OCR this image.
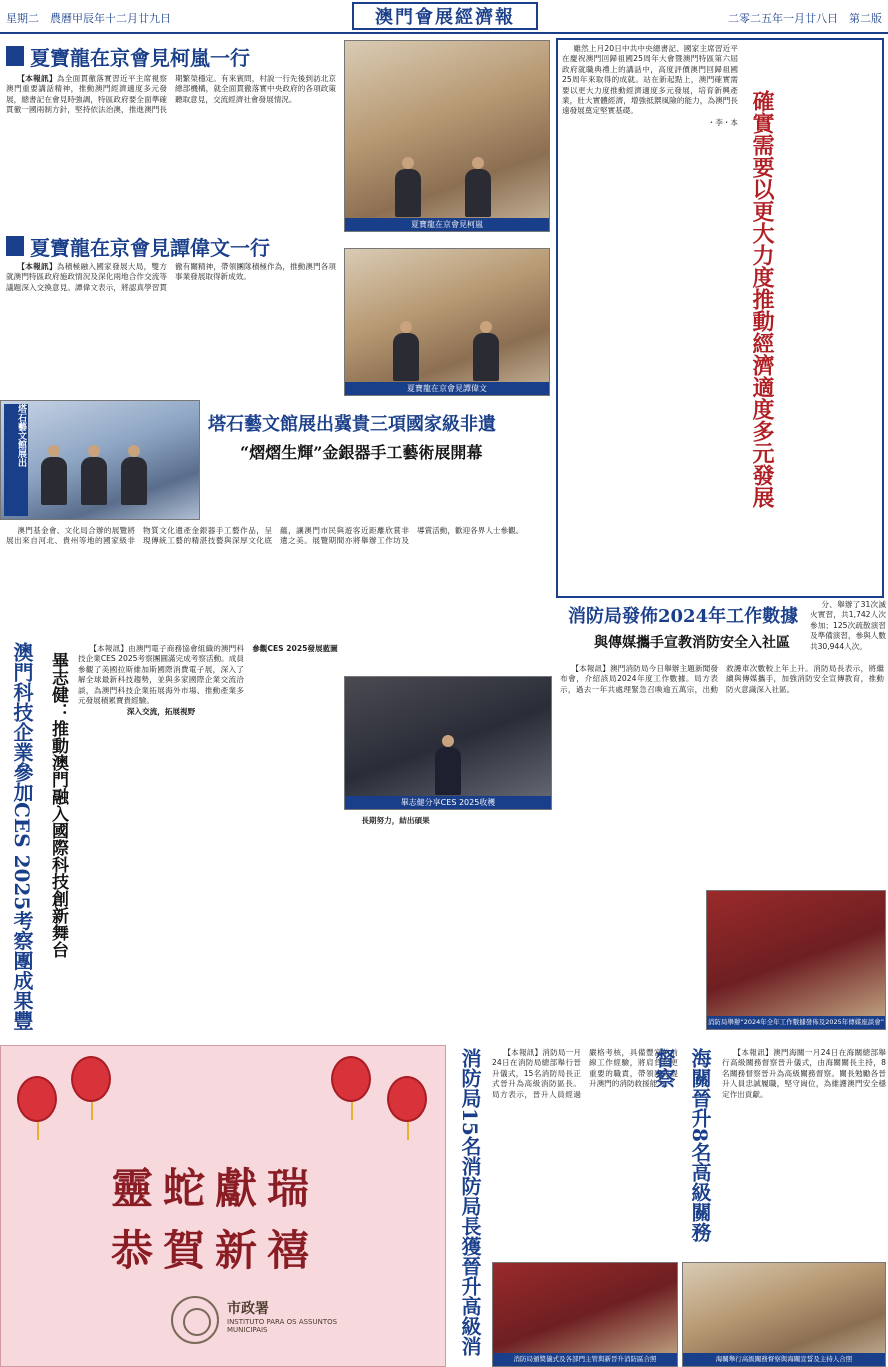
星期二　農曆甲辰年十二月廿九日	澳門會展經濟報	二零二五年一月廿八日　第二版
夏寶龍在京會見柯嵐一行

【本報訊】為全面貫徹落實習近平主席視察澳門重要講話精神，推動澳門經濟適度多元發展，總書記在會見時強調，特區政府要全面準確貫徹一國兩制方針，堅持依法治澳，推進澳門長期繁榮穩定。有來賓問，村說一行先後到訪北京總部機構，就全面貫徹落實中央政府的各項政策聽取意見，交流經濟社會發展情況。

夏寶龍在京會見柯嵐
夏寶龍在京會見譚偉文一行

【本報訊】為積極融入國家發展大局，雙方就澳門特區政府施政情況及深化兩地合作交流等議題深入交換意見。譚偉文表示，將認真學習貫徹有關精神，帶領團隊積極作為，推動澳門各項事業發展取得新成效。

夏寶龍在京會見譚偉文
塔石藝文館展出	塔石藝文館展出冀貴三項國家級非遺
“熠熠生輝”金銀器手工藝術展開幕

澳門基金會、文化局合辦的展覽將展出來自河北、貴州等地的國家級非物質文化遺產金銀器手工藝作品，呈現傳統工藝的精湛技藝與深厚文化底蘊，讓澳門市民與遊客近距離欣賞非遺之美。展覽期間亦將舉辦工作坊及導賞活動，歡迎各界人士參觀。

雖然上月20日中共中央總書記、國家主席習近平在慶祝澳門回歸祖國25周年大會暨澳門特區第六屆政府就職典禮上的講話中，高度評價澳門回歸祖國25周年來取得的成就。站在新起點上，澳門確實需要以更大力度推動經濟適度多元發展，培育新興產業，壯大實體經濟，增強抵禦風險的能力，為澳門長遠發展奠定堅實基礎。

・李・本 確實需要以更大力度推動經濟適度多元發展
消防局發佈2024年工作數據
與傳媒攜手宣教消防安全入社區

分、舉辦了31次滅火實習，共1,742人次參加；125次疏散演習及準備演習，參與人數共30,944人次。

【本報訊】澳門消防局今日舉辦主題新聞發布會，介紹該局2024年度工作數據。局方表示，過去一年共處理緊急召喚逾五萬宗，出動救護車次數較上年上升。消防局長表示，將繼續與傳媒攜手，加強消防安全宣傳教育，推動防火意識深入社區。

消防局舉辦“2024年全年工作數據發佈及2025年傳媒座談會”
澳門科技企業參加CES 2025考察團成果豐
畢志健：推動澳門融入國際科技創新舞台

【本報訊】由澳門電子商務協會組織的澳門科技企業CES 2025考察團圓滿完成考察活動。成員參觀了美國拉斯維加斯國際消費電子展，深入了解全球最新科技趨勢，並與多家國際企業交流洽談，為澳門科技企業拓展海外市場、推動產業多元發展積累寶貴經驗。

深入交流，拓展視野

畢志健分享CES 2025收穫

參觀CES 2025發展藍圖

長期努力，結出碩果

消防局15名消防局長獲晉升高級消

【本報訊】消防局一月24日在消防局總部舉行晉升儀式，15名消防局長正式晉升為高級消防區長。局方表示，晉升人員經過嚴格考核，具備豐富的前線工作經驗，將肩負起更重要的職責，帶領團隊提升澳門的消防救援能力。

消防局頒獎儀式及各部門主管與新晉升消防區合照
海關晉升8名高級關務督察	【本報訊】澳門海關一月24日在海關總部舉行高級關務督察晉升儀式，由海關關長主持，8名關務督察晉升為高級關務督察。關長勉勵各晉升人員忠誠履職，堅守崗位，為維護澳門安全穩定作出貢獻。

海關舉行高級關務督察與海關宣誓及主持人合照
靈蛇獻瑞
恭賀新禧
市政署
INSTITUTO PARA OS ASSUNTOS MUNICIPAIS
